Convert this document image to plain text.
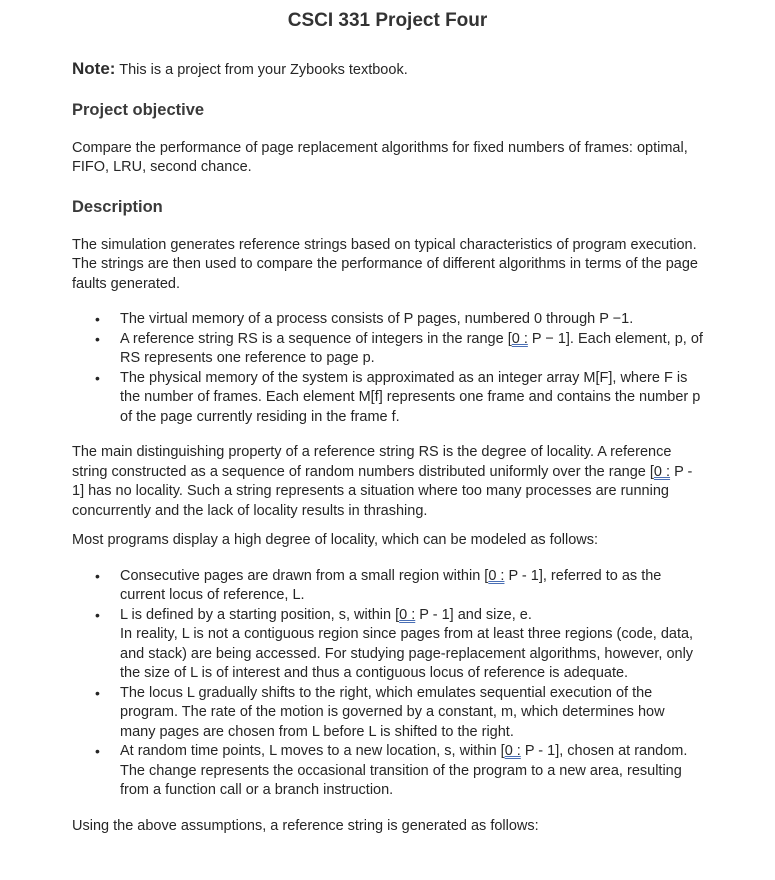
CSCI 331 Project Four

Note: This is a project from your Zybooks textbook.

Project objective

Compare the performance of page replacement algorithms for fixed numbers of frames: optimal, FIFO, LRU, second chance.

Description

The simulation generates reference strings based on typical characteristics of program execution. The strings are then used to compare the performance of different algorithms in terms of the page faults generated.

• The virtual memory of a process consists of P pages, numbered 0 through P −1.
• A reference string RS is a sequence of integers in the range [0 : P − 1]. Each element, p, of RS represents one reference to page p.
• The physical memory of the system is approximated as an integer array M[F], where F is the number of frames. Each element M[f] represents one frame and contains the number p of the page currently residing in the frame f.

The main distinguishing property of a reference string RS is the degree of locality. A reference string constructed as a sequence of random numbers distributed uniformly over the range [0 : P - 1] has no locality. Such a string represents a situation where too many processes are running concurrently and the lack of locality results in thrashing.

Most programs display a high degree of locality, which can be modeled as follows:

• Consecutive pages are drawn from a small region within [0 : P - 1], referred to as the current locus of reference, L.
• L is defined by a starting position, s, within [0 : P - 1] and size, e.
In reality, L is not a contiguous region since pages from at least three regions (code, data, and stack) are being accessed. For studying page-replacement algorithms, however, only the size of L is of interest and thus a contiguous locus of reference is adequate.
• The locus L gradually shifts to the right, which emulates sequential execution of the program. The rate of the motion is governed by a constant, m, which determines how many pages are chosen from L before L is shifted to the right.
• At random time points, L moves to a new location, s, within [0 : P - 1], chosen at random. The change represents the occasional transition of the program to a new area, resulting from a function call or a branch instruction.

Using the above assumptions, a reference string is generated as follows:
